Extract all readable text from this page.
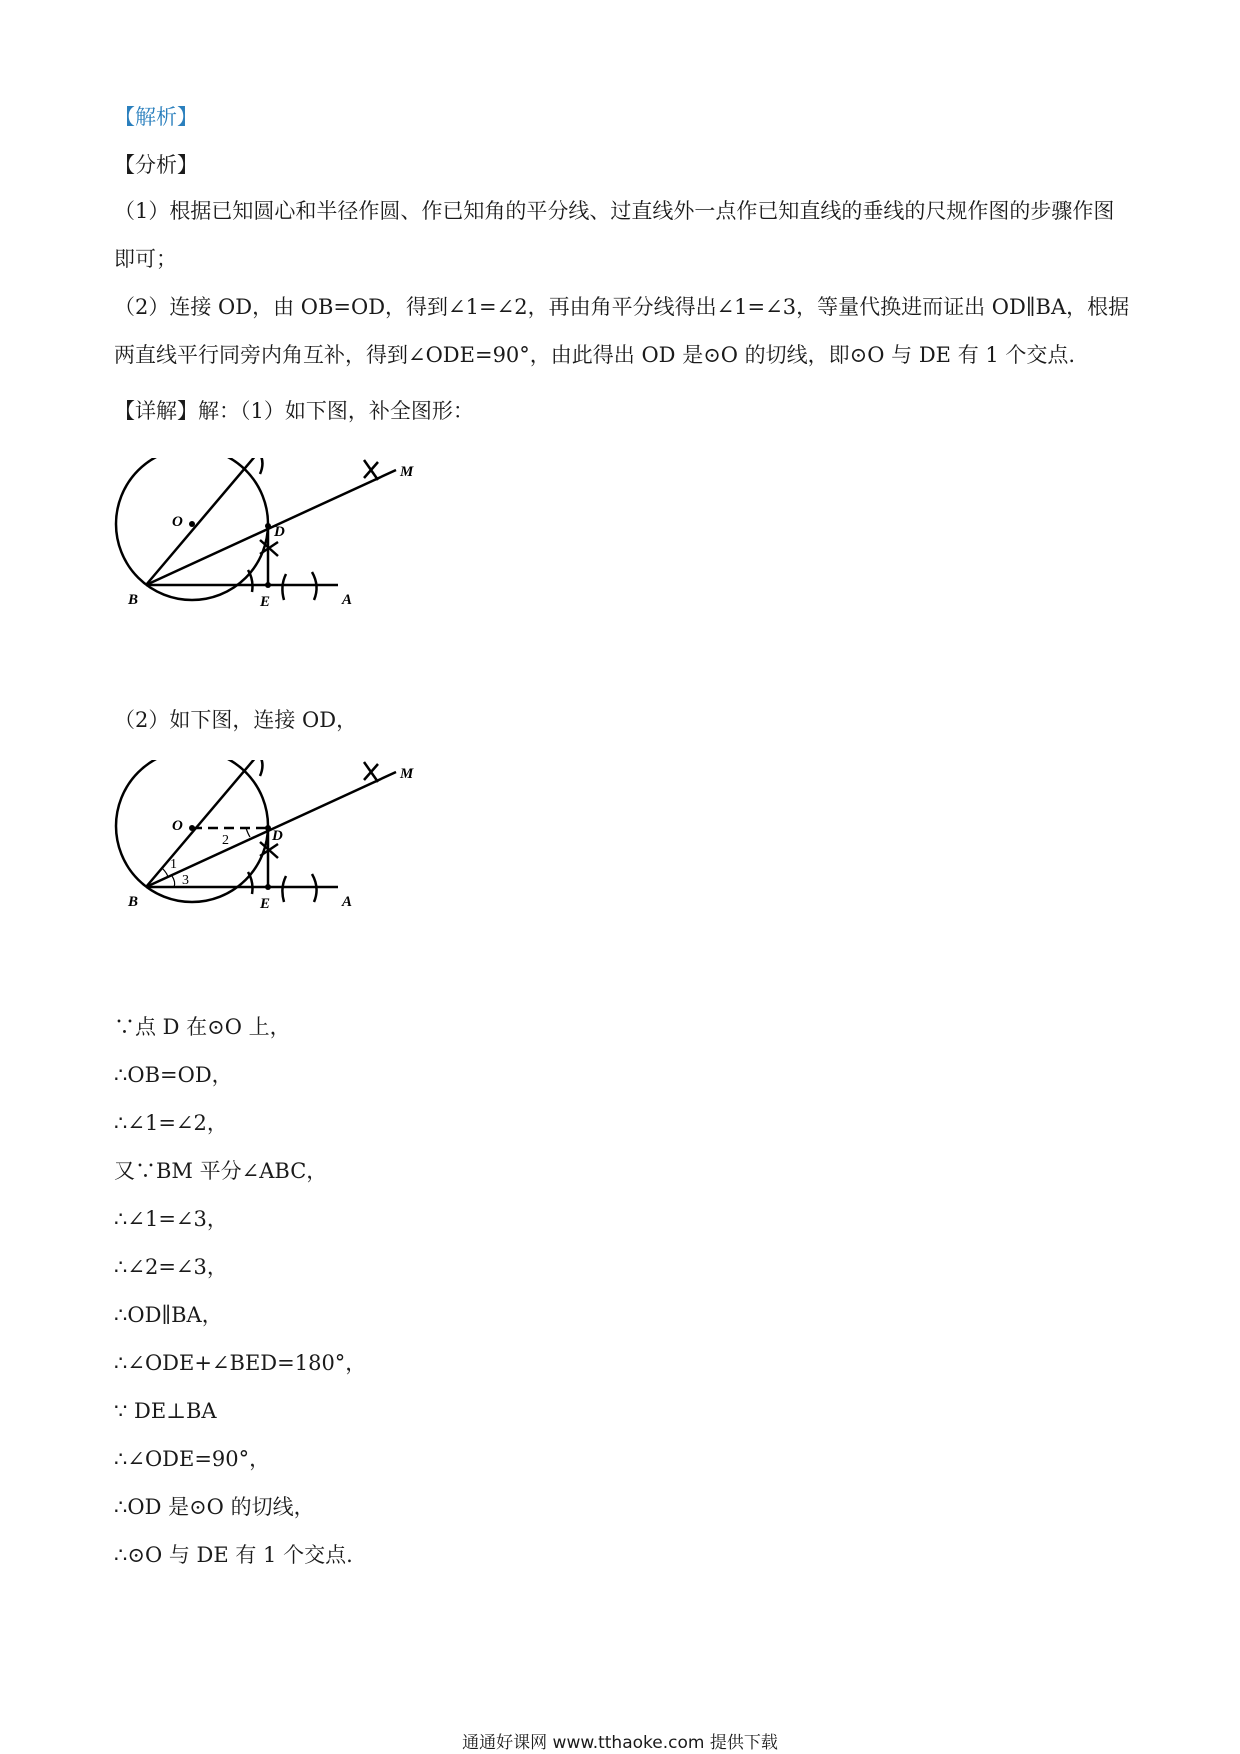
【解析】
【分析】
（1）根据已知圆心和半径作圆、作已知角的平分线、过直线外一点作已知直线的垂线的尺规作图的步骤作图即可；
（2）连接 OD，由 OB=OD，得到∠1=∠2，再由角平分线得出∠1=∠3，等量代换进而证出 OD∥BA，根据两直线平行同旁内角互补，得到∠ODE=90°，由此得出 OD 是⊙O 的切线，即⊙O 与 DE 有 1 个交点.
【详解】解：（1）如下图，补全图形：
M
O
D
B	E	A
（2）如下图，连接 OD，
M
O
D
B	E	A
1
2
3
∵点 D 在⊙O 上，
∴OB=OD，
∴∠1=∠2，
又∵BM 平分∠ABC，
∴∠1=∠3，
∴∠2=∠3，
∴OD∥BA，
∴∠ODE+∠BED=180°，
∵ DE⊥BA
∴∠ODE=90°，
∴OD 是⊙O 的切线，
∴⊙O 与 DE 有 1 个交点.
通通好课网 www.tthaoke.com 提供下载
